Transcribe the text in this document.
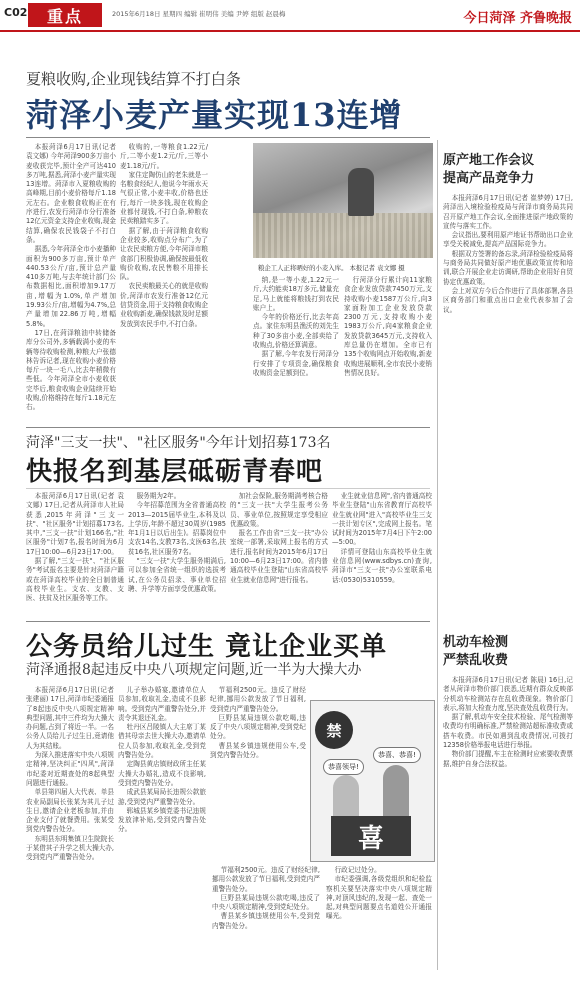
C02	重点	2015年6月18日 星期四 编辑 崔明伟 美编 尹婷 组版 赵晨梅	今日菏泽 齐鲁晚报
夏粮收购,企业现钱结算不打白条
菏泽小麦产量实现13连增

本报菏泽6月17日讯(记者 袁文娜) 今年菏泽900多万亩小麦收获完毕,预计全产可达410多万吨,据悉,菏泽小麦产量实现13连增。菏泽市入夏粮收购的高峰期,目前小麦价格每斤1.18元左右。企业粮食收购正在有序进行,农发行菏泽市分行准备12亿元资金支持企业收购,现金结算,确保农民钱袋子不打白条。

据悉,今年菏泽全市小麦播种面积为900多万亩,预计单产440.53公斤/亩,预计总产量410多万吨,与去年统计部门公布数据相比,面积增加9.17万亩,增幅为1.0%,单产增加19.93公斤/亩,增幅为4.7%,总产量增加22.86万吨,增幅5.8%。

17日,在菏泽粮油中转储备库分公司外,多辆载满小麦的车辆等待收购检测,种粮大户张德林告诉记者,现在收购小麦价格每斤一块一毛八,比去年稍微有些低。今年菏泽全市小麦收获完毕后,粮食收购企业陆续开始收购,价格维持在每斤1.18元左右。

收购的,一等粮食1.22元/斤,二等小麦1.2元/斤,三等小麦1.18元/斤。

家住定陶仿山的老朱就是一名粮食经纪人,他说今年雨水天气很正常,小麦丰收,价格也还行,每斤一块多钱,现在收购企业都付现钱,不打白条,种粮农民卖粮踏实多了。

据了解,由于菏泽粮食收购企业较多,收购点分布广,为了让农民卖粮方便,今年菏泽市粮食部门积极协调,确保按最低收购价收购,农民售粮不用排长队。

农民卖粮最关心的就是收购价,菏泽市农发行准备12亿元信贷资金,用于支持粮食收购企业收购新麦,确保钱款及时足额发放到农民手中,不打白条。

粮企工人正将晒好的小麦入库。 本报记者 袁文娜 摄

纳,是一等小麦,1.22元一斤,大约能卖18万多元,储量充足,马上就能将粮钱打到农民账户上。

今年的价格还行,比去年高点。家住东明县渔沃的刘先生种了30多亩小麦,全部卖给了收购点,价格还算满意。

据了解,今年农发行菏泽分行安排了专项资金,确保粮食收购资金足额到位。

行菏泽分行累计向11家粮食企业发放贷款7450万元,支持收购小麦1587万公斤,向3家面粉加工企业发放贷款2300万元,支持收购小麦1983万公斤,向4家粮食企业发放贷款3645万元,支持收入库总量仍在增加。全市已有135个收购网点开始收购,新麦收购进展顺利,全市农民小麦销售情况良好。

菏泽"三支一扶"、"社区服务"今年计划招募173名
快报名到基层砥砺青春吧

本报菏泽6月17日讯(记者 袁文娜) 17日,记者从菏泽市人社局获悉,2015年菏泽"三支一扶"、"社区服务"计划招募173名,其中,"三支一扶"计划166名,"社区服务"计划7名,报名时间为6月17日10:00—6月23日17:00。

据了解,"三支一扶"、"社区服务"考试报名主要是针对菏泽户籍或在菏泽高校毕业的全日制普通高校毕业生。支农、支教、支医、扶贫及社区服务等工作。

服务期为2年。

今年招募范围为全省普通高校2013—2015届毕业生,本科及以上学历,年龄不超过30周岁(1985年1月1日以后出生)。招募岗位中支农14名,支教73名,支医63名,扶贫16名,社区服务7名。

"三支一扶"大学生服务期满后,可以参加全省统一组织的选拔考试,在公务员招录、事业单位招聘、升学等方面享受优惠政策。

加社会保险,服务期满考核合格的"三支一扶"大学生报考公务员、事业单位,按照规定享受相应优惠政策。

报名工作由省"三支一扶"办公室统一部署,采取网上报名的方式进行,报名时间为2015年6月17日10:00—6月23日17:00。省内普通高校毕业生登陆"山东省高校毕业生就业信息网"进行报名。

业生就业信息网",省内普通高校毕业生登陆"山东省教育厅高校毕业生就业网"进入"高校毕业生三支一扶计划专区",完成网上报名。笔试时间为2015年7月4日下午2:00—5:00。

详情可登陆山东高校毕业生就业信息网(www.sdbys.cn)查询,菏泽市"三支一扶"办公室联系电话:(0530)5310559。

公务员给儿过生 竟让企业买单
菏泽通报8起违反中央八项规定问题,近一半为大操大办

本报菏泽6月17日讯(记者 张建丽) 17日,菏泽市纪委通报了8起违反中央八项规定精神典型问题,其中三件均为大操大办问题,占到了将近一半。一名公务人员给儿子过生日,竟请他人为其结账。

为深入推进落实中央八项规定精神,坚决纠正"四风",菏泽市纪委对近期查处的8起典型问题进行通报。

单县第四届人大代表、单县农业局副局长张某为其儿子过生日,邀请企业老板参加,并由企业支付了就餐费用。张某受到党内警告处分。

东明县东明集镇卫生院院长于某借其子升学之机大操大办,受到党内严重警告处分。

儿子举办婚宴,邀请单位人员参加,收取礼金,造成不良影响。受到党内严重警告处分,并责令其退还礼金。

牡丹区吕陵镇人大主席丁某借其母亲去世大操大办,邀请单位人员参加,收取礼金,受到党内警告处分。

定陶县黄店镇财政所主任某大操大办婚礼,造成不良影响,受到党内警告处分。

成武县某局局长违规公款旅游,受到党内严重警告处分。

郓城县某乡镇党委书记违规发放津补贴,受到党内警告处分。

节福利2500元。违反了财经纪律,挪用公款发放了节日福利,受到党内严重警告处分。

巨野县某局违规公款吃喝,违反了中央八项规定精神,受到党纪处分。

曹县某乡镇违规使用公车,受到党内警告处分。

节福利2500元。违反了财经纪律,挪用公款发放了节日福利,受到党内严重警告处分。

巨野县某局违规公款吃喝,违反了中央八项规定精神,受到党纪处分。

曹县某乡镇违规使用公车,受到党内警告处分。

行政记过处分。

市纪委强调,各级党组织和纪检监察机关要坚决落实中央八项规定精神,对顶风违纪的,发现一起、查处一起,对典型问题要点名道姓公开通报曝光。

禁
恭喜领导!
恭喜、恭喜!
喜
原产地工作会议
提高产品竞争力

本报菏泽6月17日讯(记者 崔梦婷) 17日,菏泽出入境检验检疫局与菏泽市商务局共同召开原产地工作会议,全面推进原产地政策的宣传与落实工作。

会议指出,要利用原产地证书帮助出口企业享受关税减免,提高产品国际竞争力。

根据双方签署的备忘录,菏泽检验检疫局将与商务局共同做好原产地优惠政策宣传和培训,联合开展企业走访调研,帮助企业用好自贸协定优惠政策。

会上对双方今后合作进行了具体部署,各县区商务部门和重点出口企业代表参加了会议。

机动车检测
严禁乱收费

本报菏泽6月17日讯(记者 陈晨) 16日,记者从菏泽市物价部门获悉,近期有群众反映部分机动车检测站存在乱收费现象。物价部门表示,将加大检查力度,坚决查处乱收费行为。

据了解,机动车安全技术检验、尾气检测等收费均有明确标准,严禁检测站超标准收费或搭车收费。市民如遇到乱收费情况,可拨打12358价格举报电话进行举报。

物价部门提醒,车主在检测时应索要收费票据,维护自身合法权益。
